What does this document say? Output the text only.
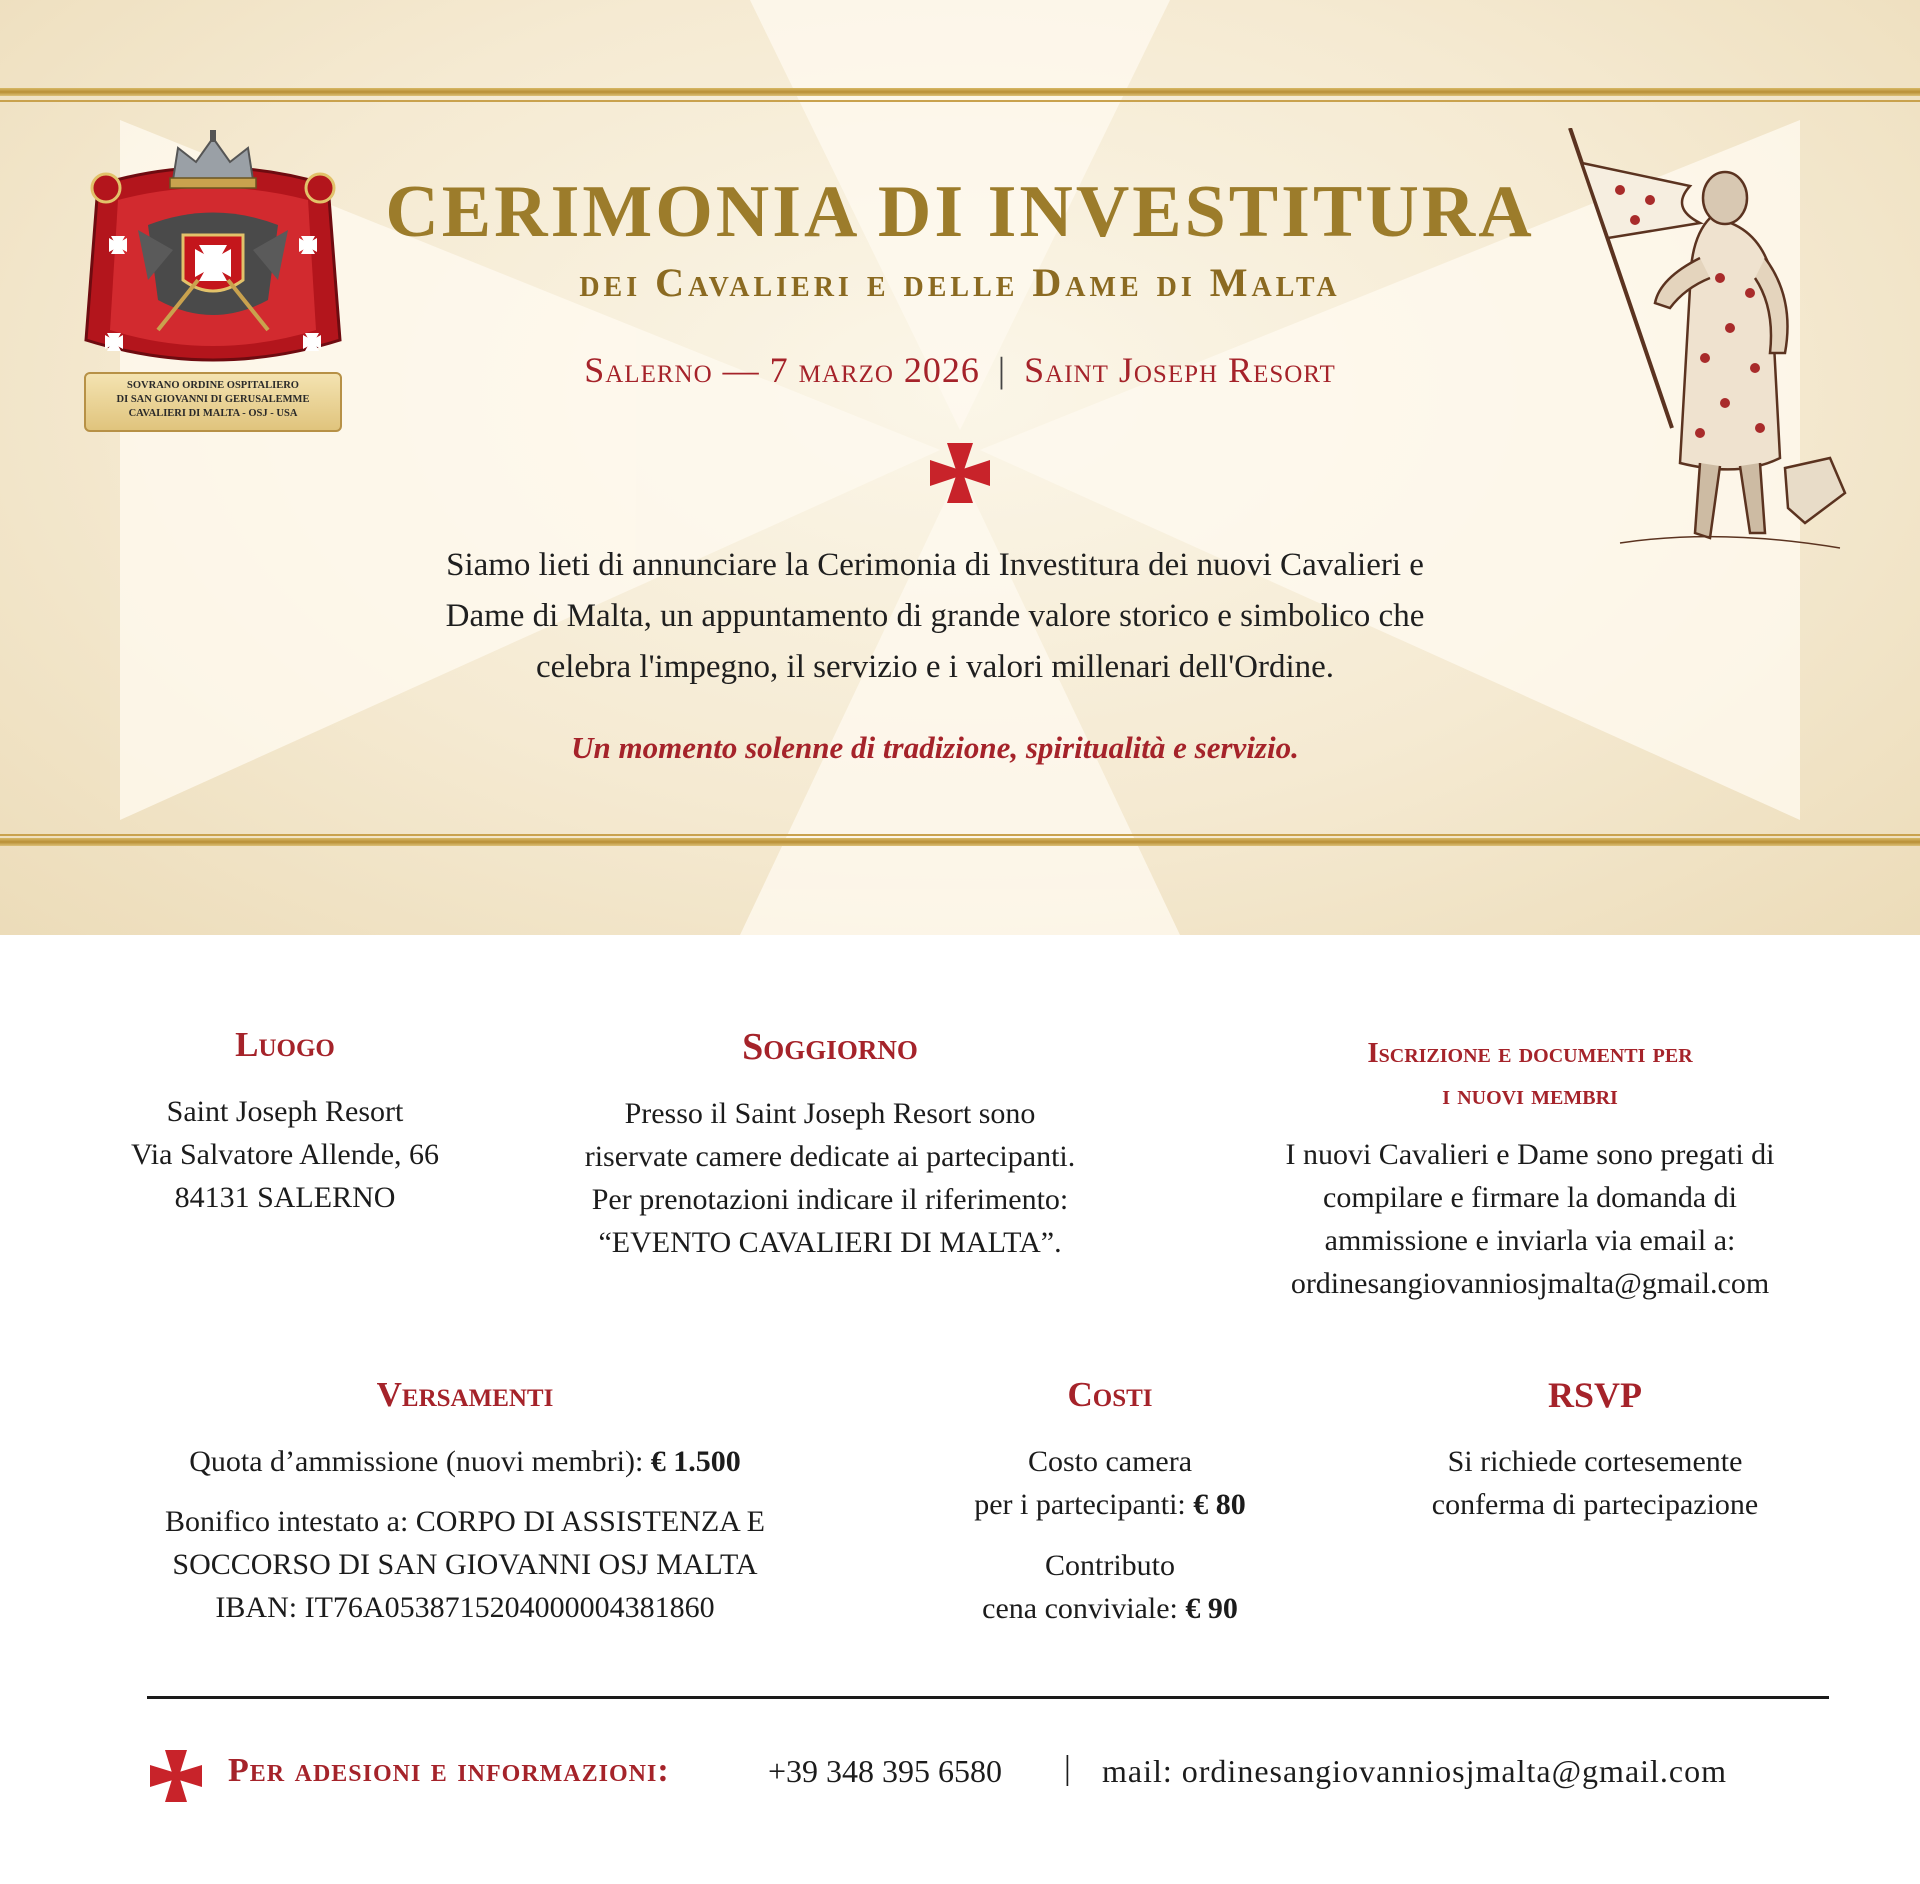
SOVRANO ORDINE OSPITALIERO
DI SAN GIOVANNI DI GERUSALEMME
CAVALIERI DI MALTA - OSJ - USA
CERIMONIA DI INVESTITURA
dei Cavalieri e delle Dame di Malta
Salerno — 7 marzo 2026 | Saint Joseph Resort
Siamo lieti di annunciare la Cerimonia di Investitura dei nuovi Cavalieri e
Dame di Malta, un appuntamento di grande valore storico e simbolico che
celebra l'impegno, il servizio e i valori millenari dell'Ordine.
Un momento solenne di tradizione, spiritualità e servizio.
Luogo
Saint Joseph Resort
Via Salvatore Allende, 66
84131 SALERNO
Soggiorno
Presso il Saint Joseph Resort sono
riservate camere dedicate ai partecipanti.
Per prenotazioni indicare il riferimento:
“EVENTO CAVALIERI DI MALTA”.
Iscrizione e documenti per
i nuovi membri
I nuovi Cavalieri e Dame sono pregati di
compilare e firmare la domanda di
ammissione e inviarla via email a:
ordinesangiovanniosjmalta@gmail.com
Versamenti
Quota d’ammissione (nuovi membri): € 1.500
Bonifico intestato a: CORPO DI ASSISTENZA E
SOCCORSO DI SAN GIOVANNI OSJ MALTA
IBAN: IT76A0538715204000004381860
Costi
Costo camera
per i partecipanti: € 80
Contributo
cena conviviale: € 90
RSVP
Si richiede cortesemente
conferma di partecipazione
Per adesioni e informazioni:	+39 348 395 6580 | mail: ordinesangiovanniosjmalta@gmail.com
